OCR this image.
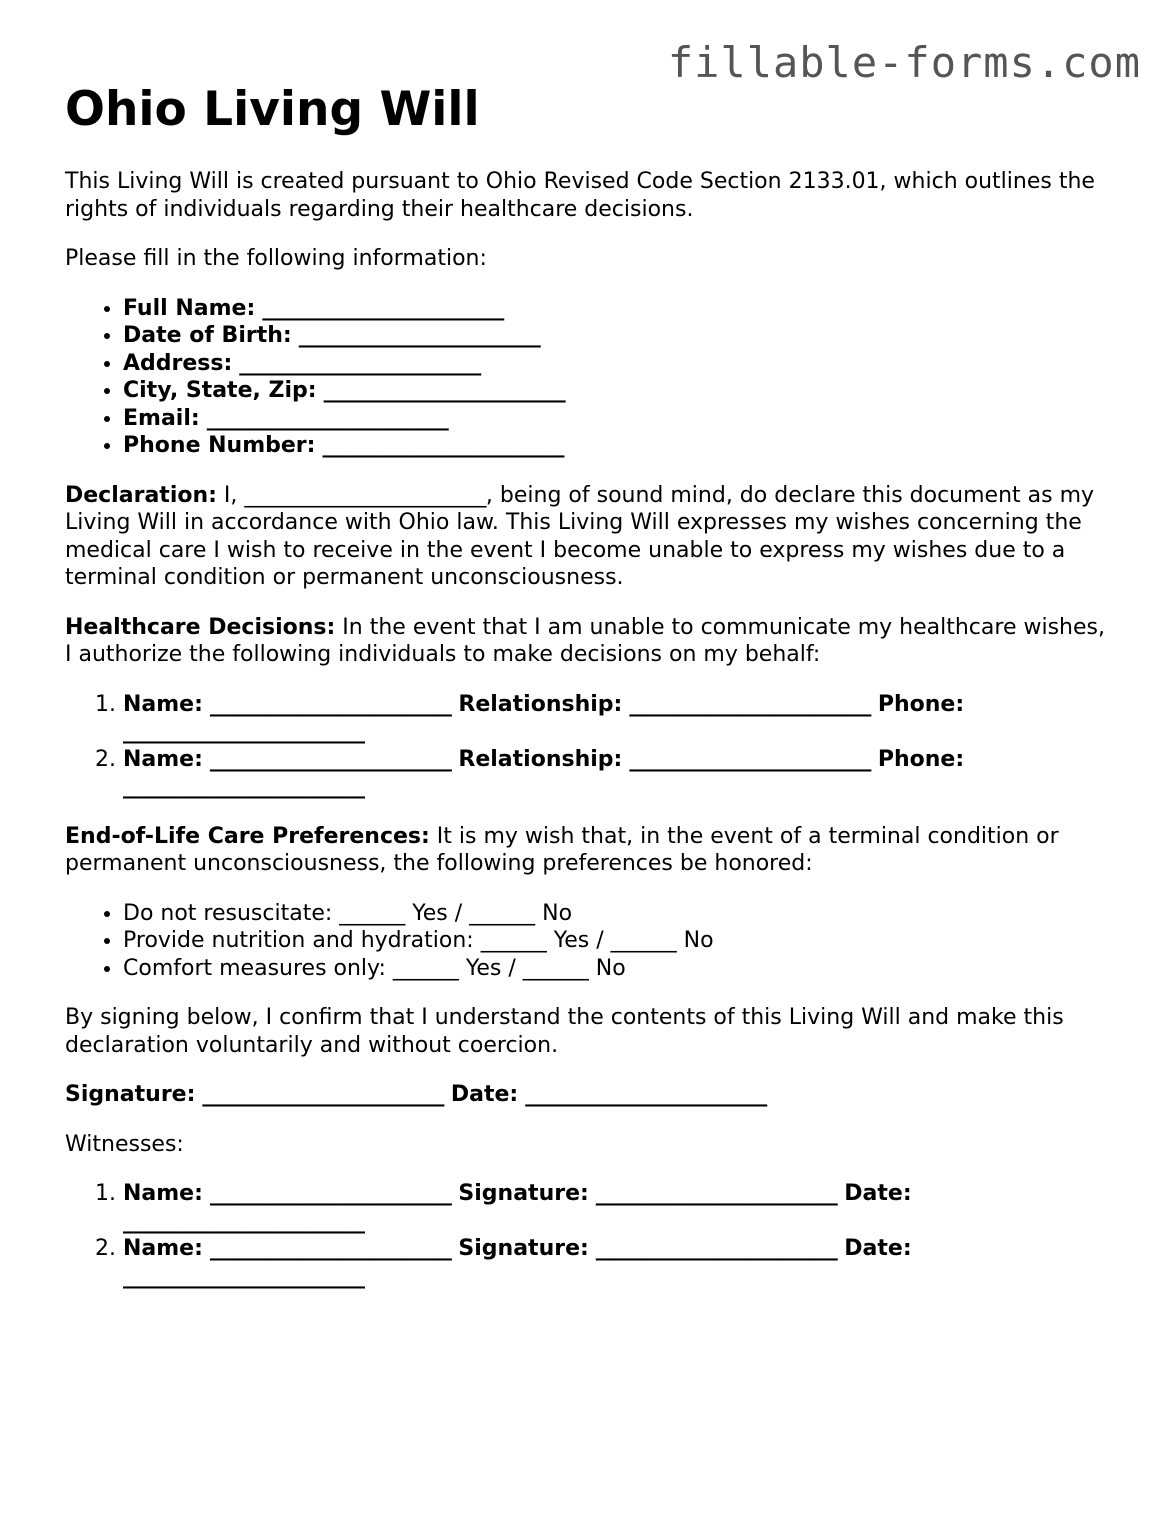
fillable-forms.com
Ohio Living Will

This Living Will is created pursuant to Ohio Revised Code Section 2133.01, which outlines the rights of individuals regarding their healthcare decisions.

Please fill in the following information:

• Full Name: _______________________
• Date of Birth: _______________________
• Address: _______________________
• City, State, Zip: _______________________
• Email: _______________________
• Phone Number: _______________________

Declaration: I, _______________________, being of sound mind, do declare this document as my Living Will in accordance with Ohio law. This Living Will expresses my wishes concerning the medical care I wish to receive in the event I become unable to express my wishes due to a terminal condition or permanent unconsciousness.

Healthcare Decisions: In the event that I am unable to communicate my healthcare wishes, I authorize the following individuals to make decisions on my behalf:

1. Name: _______________________ Relationship: _______________________ Phone: _______________________
2. Name: _______________________ Relationship: _______________________ Phone: _______________________

End-of-Life Care Preferences: It is my wish that, in the event of a terminal condition or permanent unconsciousness, the following preferences be honored:

• Do not resuscitate: ______ Yes / ______ No
• Provide nutrition and hydration: ______ Yes / ______ No
• Comfort measures only: ______ Yes / ______ No

By signing below, I confirm that I understand the contents of this Living Will and make this declaration voluntarily and without coercion.

Signature: _______________________ Date: _______________________

Witnesses:

1. Name: _______________________ Signature: _______________________ Date: _______________________
2. Name: _______________________ Signature: _______________________ Date: _______________________
